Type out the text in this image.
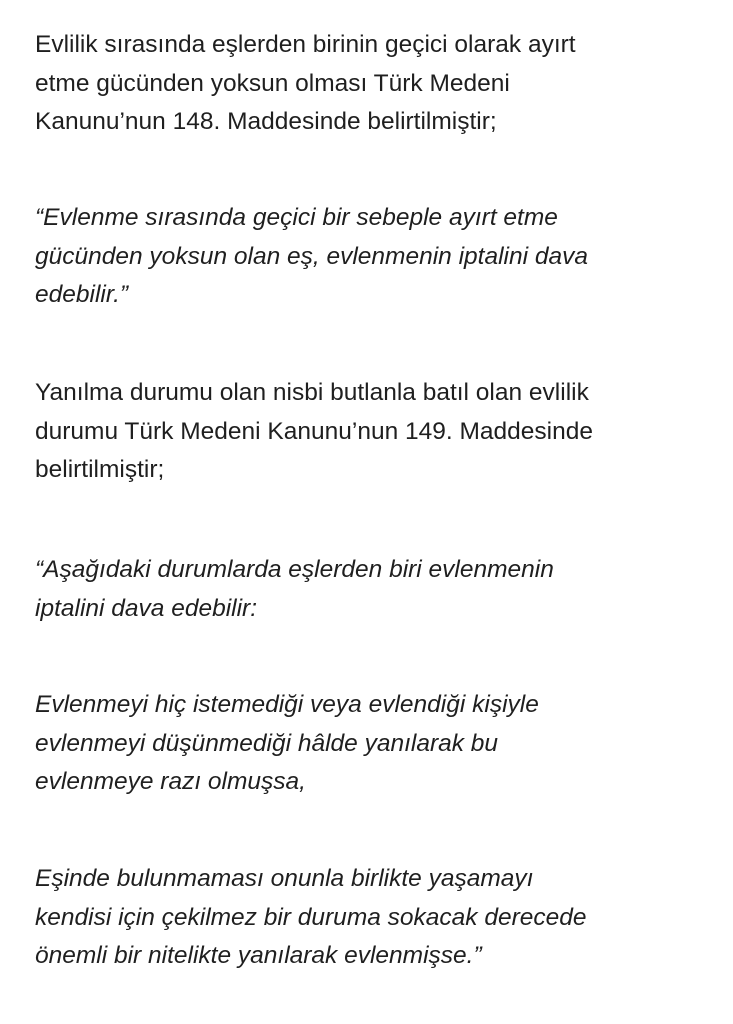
Evlilik sırasında eşlerden birinin geçici olarak ayırt
etme gücünden yoksun olması Türk Medeni
Kanunu’nun 148. Maddesinde belirtilmiştir;

“Evlenme sırasında geçici bir sebeple ayırt etme
gücünden yoksun olan eş, evlenmenin iptalini dava
edebilir.”

Yanılma durumu olan nisbi butlanla batıl olan evlilik
durumu Türk Medeni Kanunu’nun 149. Maddesinde
belirtilmiştir;

“Aşağıdaki durumlarda eşlerden biri evlenmenin
iptalini dava edebilir:

Evlenmeyi hiç istemediği veya evlendiği kişiyle
evlenmeyi düşünmediği hâlde yanılarak bu
evlenmeye razı olmuşsa,

Eşinde bulunmaması onunla birlikte yaşamayı
kendisi için çekilmez bir duruma sokacak derecede
önemli bir nitelikte yanılarak evlenmişse.”
